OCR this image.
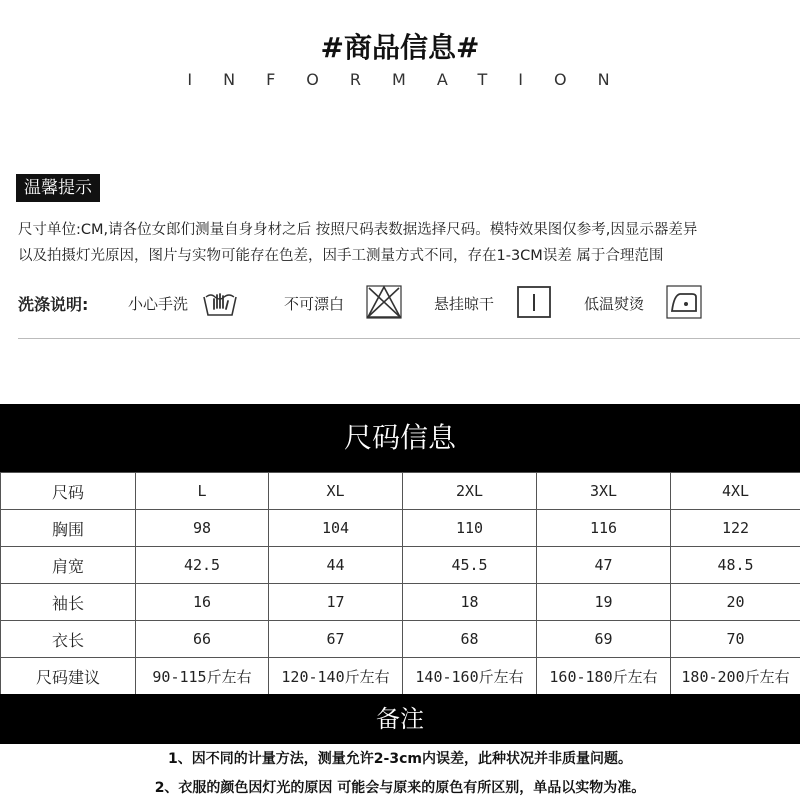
#商品信息#
INFORMATION
温馨提示
尺寸单位:CM,请各位女郎们测量自身身材之后 按照尺码表数据选择尺码。模特效果图仅参考,因显示器差异
以及拍摄灯光原因，图片与实物可能存在色差，因手工测量方式不同，存在1-3CM误差 属于合理范围
洗涤说明:	小心手洗	不可漂白	悬挂晾干	低温熨烫
尺码信息
尺码	L	XL	2XL	3XL	4XL
胸围	98	104	110	116	122
肩宽	42.5	44	45.5	47	48.5
袖长	16	17	18	19	20
衣长	66	67	68	69	70
尺码建议	90-115斤左右	120-140斤左右	140-160斤左右	160-180斤左右	180-200斤左右
备注
1、因不同的计量方法，测量允许2-3cm内误差，此种状况并非质量问题。
2、衣服的颜色因灯光的原因 可能会与原来的原色有所区别，单品以实物为准。
